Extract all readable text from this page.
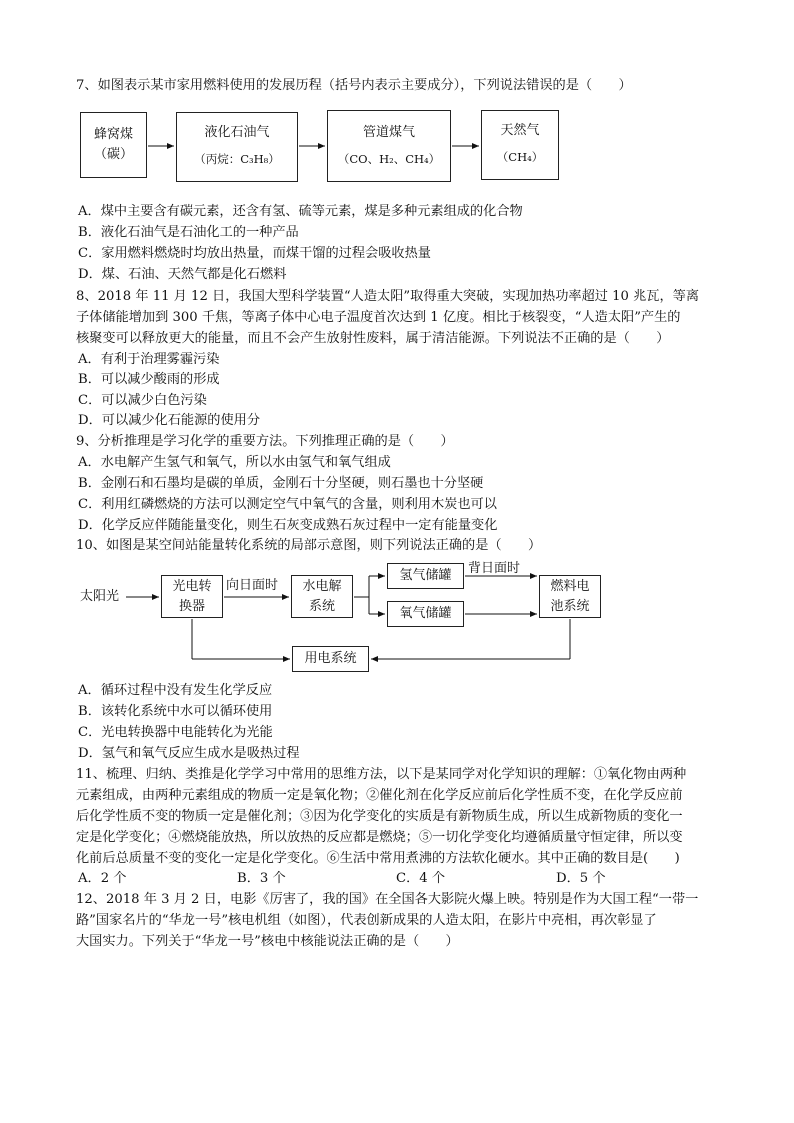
7、如图表示某市家用燃料使用的发展历程（括号内表示主要成分），下列说法错误的是（　　）
蜂窝煤
（碳）
液化石油气
（丙烷：C₃H₈）
管道煤气
（CO、H₂、CH₄）
天然气
（CH₄）
A．煤中主要含有碳元素，还含有氢、硫等元素，煤是多种元素组成的化合物
B．液化石油气是石油化工的一种产品
C．家用燃料燃烧时均放出热量，而煤干馏的过程会吸收热量
D．煤、石油、天然气都是化石燃料
8、2018 年 11 月 12 日，我国大型科学装置“人造太阳”取得重大突破，实现加热功率超过 10 兆瓦，等离
子体储能增加到 300 千焦，等离子体中心电子温度首次达到 1 亿度。相比于核裂变，“人造太阳”产生的
核聚变可以释放更大的能量，而且不会产生放射性废料，属于清洁能源。下列说法不正确的是（　　）
A．有利于治理雾霾污染
B．可以减少酸雨的形成
C．可以减少白色污染
D．可以减少化石能源的使用分
9、分析推理是学习化学的重要方法。下列推理正确的是（　　）
A．水电解产生氢气和氧气，所以水由氢气和氧气组成
B．金刚石和石墨均是碳的单质，金刚石十分坚硬，则石墨也十分坚硬
C．利用红磷燃烧的方法可以测定空气中氧气的含量，则利用木炭也可以
D．化学反应伴随能量变化，则生石灰变成熟石灰过程中一定有能量变化
10、如图是某空间站能量转化系统的局部示意图，则下列说法正确的是（　　）
太阳光
光电转
换器
向日面时	水电解
系统
氢气储罐
氧气储罐
背日面时
燃料电
池系统
用电系统
A．循环过程中没有发生化学反应
B．该转化系统中水可以循环使用
C．光电转换器中电能转化为光能
D．氢气和氧气反应生成水是吸热过程
11、梳理、归纳、类推是化学学习中常用的思维方法，以下是某同学对化学知识的理解：①氧化物由两种
元素组成，由两种元素组成的物质一定是氧化物；②催化剂在化学反应前后化学性质不变，在化学反应前
后化学性质不变的物质一定是催化剂；③因为化学变化的实质是有新物质生成，所以生成新物质的变化一
定是化学变化；④燃烧能放热，所以放热的反应都是燃烧；⑤一切化学变化均遵循质量守恒定律，所以变
化前后总质量不变的变化一定是化学变化。⑥生活中常用煮沸的方法软化硬水。其中正确的数目是(　　)
A．2 个	B．3 个	C．4 个	D．5 个
12、2018 年 3 月 2 日，电影《厉害了，我的国》在全国各大影院火爆上映。特别是作为大国工程“一带一
路”国家名片的“华龙一号”核电机组（如图），代表创新成果的人造太阳，在影片中亮相，再次彰显了
大国实力。下列关于“华龙一号”核电中核能说法正确的是（　　）
